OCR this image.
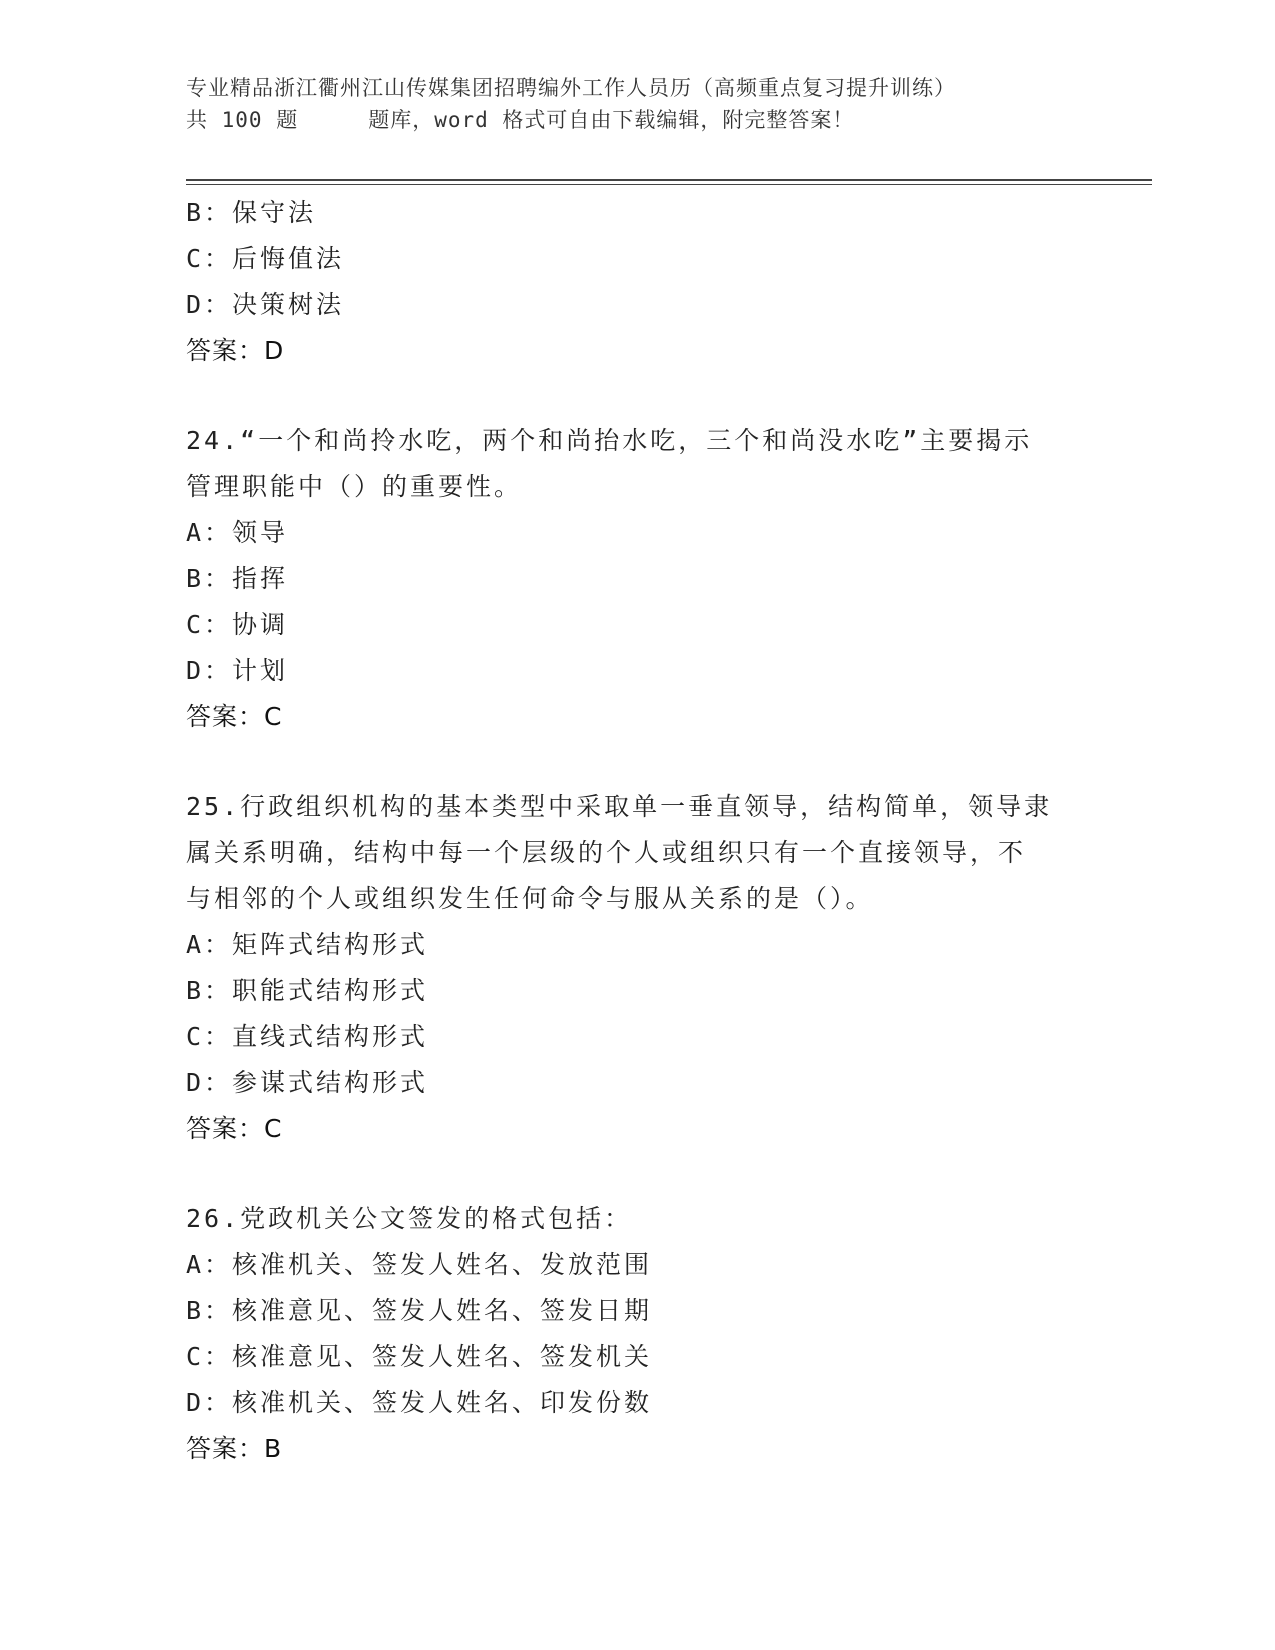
专业精品浙江衢州江山传媒集团招聘编外工作人员历（高频重点复习提升训练）
共 100 题	题库，word 格式可自由下载编辑，附完整答案！
B：保守法
C：后悔值法
D：决策树法
答案：D
24.“一个和尚拎水吃，两个和尚抬水吃，三个和尚没水吃”主要揭示
管理职能中（）的重要性。
A：领导
B：指挥
C：协调
D：计划
答案：C
25.行政组织机构的基本类型中采取单一垂直领导，结构简单，领导隶
属关系明确，结构中每一个层级的个人或组织只有一个直接领导，不
与相邻的个人或组织发生任何命令与服从关系的是（）。
A：矩阵式结构形式
B：职能式结构形式
C：直线式结构形式
D：参谋式结构形式
答案：C
26.党政机关公文签发的格式包括：
A：核准机关、签发人姓名、发放范围
B：核准意见、签发人姓名、签发日期
C：核准意见、签发人姓名、签发机关
D：核准机关、签发人姓名、印发份数
答案：B
